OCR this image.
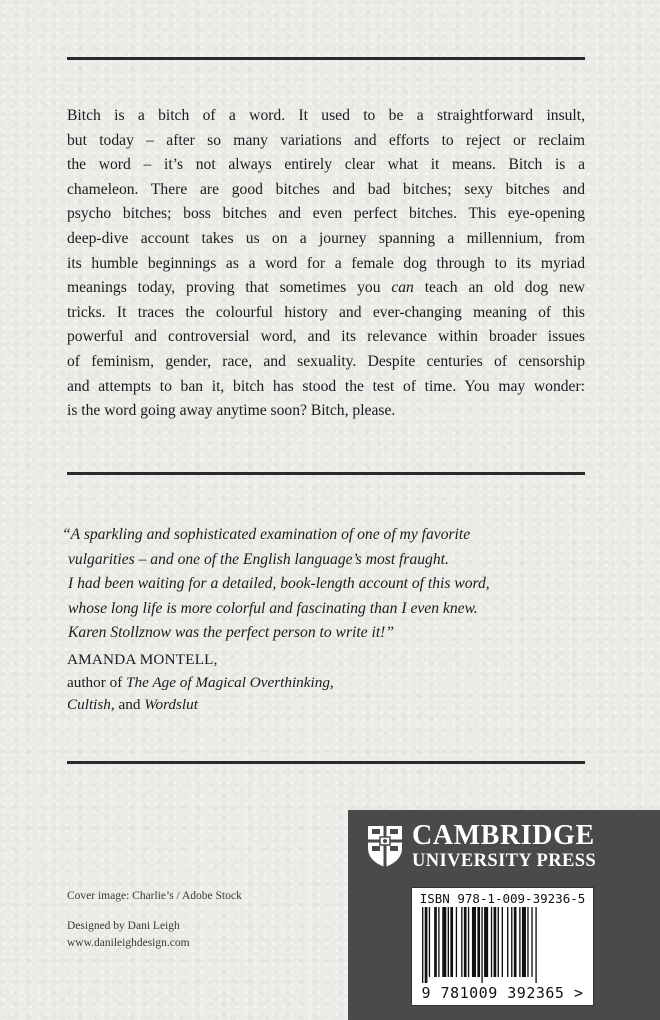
Bitch is a bitch of a word. It used to be a straightforward insult,
but today – after so many variations and efforts to reject or reclaim
the word – it’s not always entirely clear what it means. Bitch is a
chameleon. There are good bitches and bad bitches; sexy bitches and
psycho bitches; boss bitches and even perfect bitches. This eye-opening
deep-dive account takes us on a journey spanning a millennium, from
its humble beginnings as a word for a female dog through to its myriad
meanings today, proving that sometimes you can teach an old dog new
tricks. It traces the colourful history and ever-changing meaning of this
powerful and controversial word, and its relevance within broader issues
of feminism, gender, race, and sexuality. Despite centuries of censorship
and attempts to ban it, bitch has stood the test of time. You may wonder:
is the word going away anytime soon? Bitch, please.
“A sparkling and sophisticated examination of one of my favorite
vulgarities – and one of the English language’s most fraught.
I had been waiting for a detailed, book-length account of this word,
whose long life is more colorful and fascinating than I even knew.
Karen Stollznow was the perfect person to write it!”
AMANDA MONTELL,
author of The Age of Magical Overthinking,
Cultish, and Wordslut
Cover image: Charlie’s / Adobe Stock
Designed by Dani Leigh
www.danileighdesign.com
CAMBRIDGE
UNIVERSITY PRESS
ISBN 978-1-009-39236-5
9 781009 392365 >
